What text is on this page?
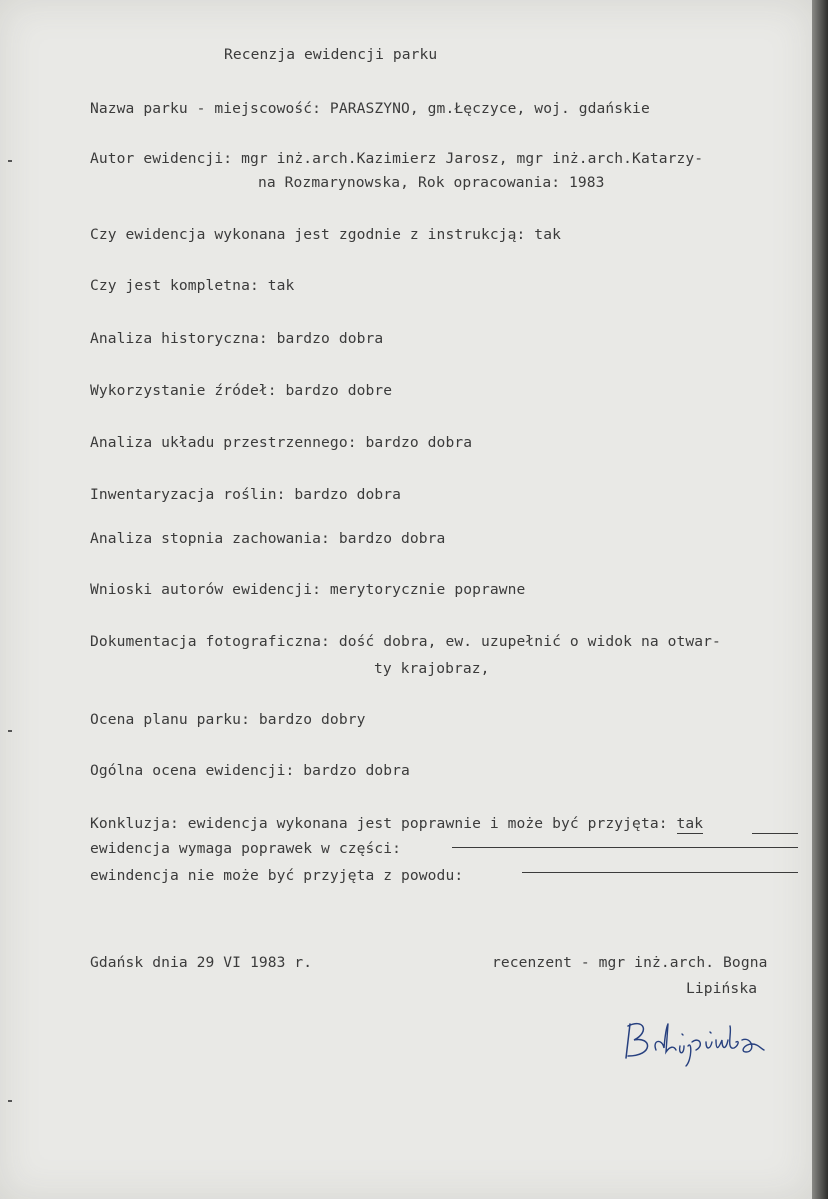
Recenzja ewidencji parku
Nazwa parku - miejscowość: PARASZYNO, gm.Łęczyce, woj. gdańskie
Autor ewidencji: mgr inż.arch.Kazimierz Jarosz, mgr inż.arch.Katarzy-
na Rozmarynowska, Rok opracowania: 1983
Czy ewidencja wykonana jest zgodnie z instrukcją: tak
Czy jest kompletna: tak
Analiza historyczna: bardzo dobra
Wykorzystanie źródeł: bardzo dobre
Analiza układu przestrzennego: bardzo dobra
Inwentaryzacja roślin: bardzo dobra
Analiza stopnia zachowania: bardzo dobra
Wnioski autorów ewidencji: merytorycznie poprawne
Dokumentacja fotograficzna: dość dobra, ew. uzupełnić o widok na otwar-
ty krajobraz,
Ocena planu parku: bardzo dobry
Ogólna ocena ewidencji: bardzo dobra
Konkluzja: ewidencja wykonana jest poprawnie i może być przyjęta: tak
ewidencja wymaga poprawek w części:
ewindencja nie może być przyjęta z powodu:
Gdańsk dnia 29 VI 1983 r.	recenzent - mgr inż.arch. Bogna
Lipińska
